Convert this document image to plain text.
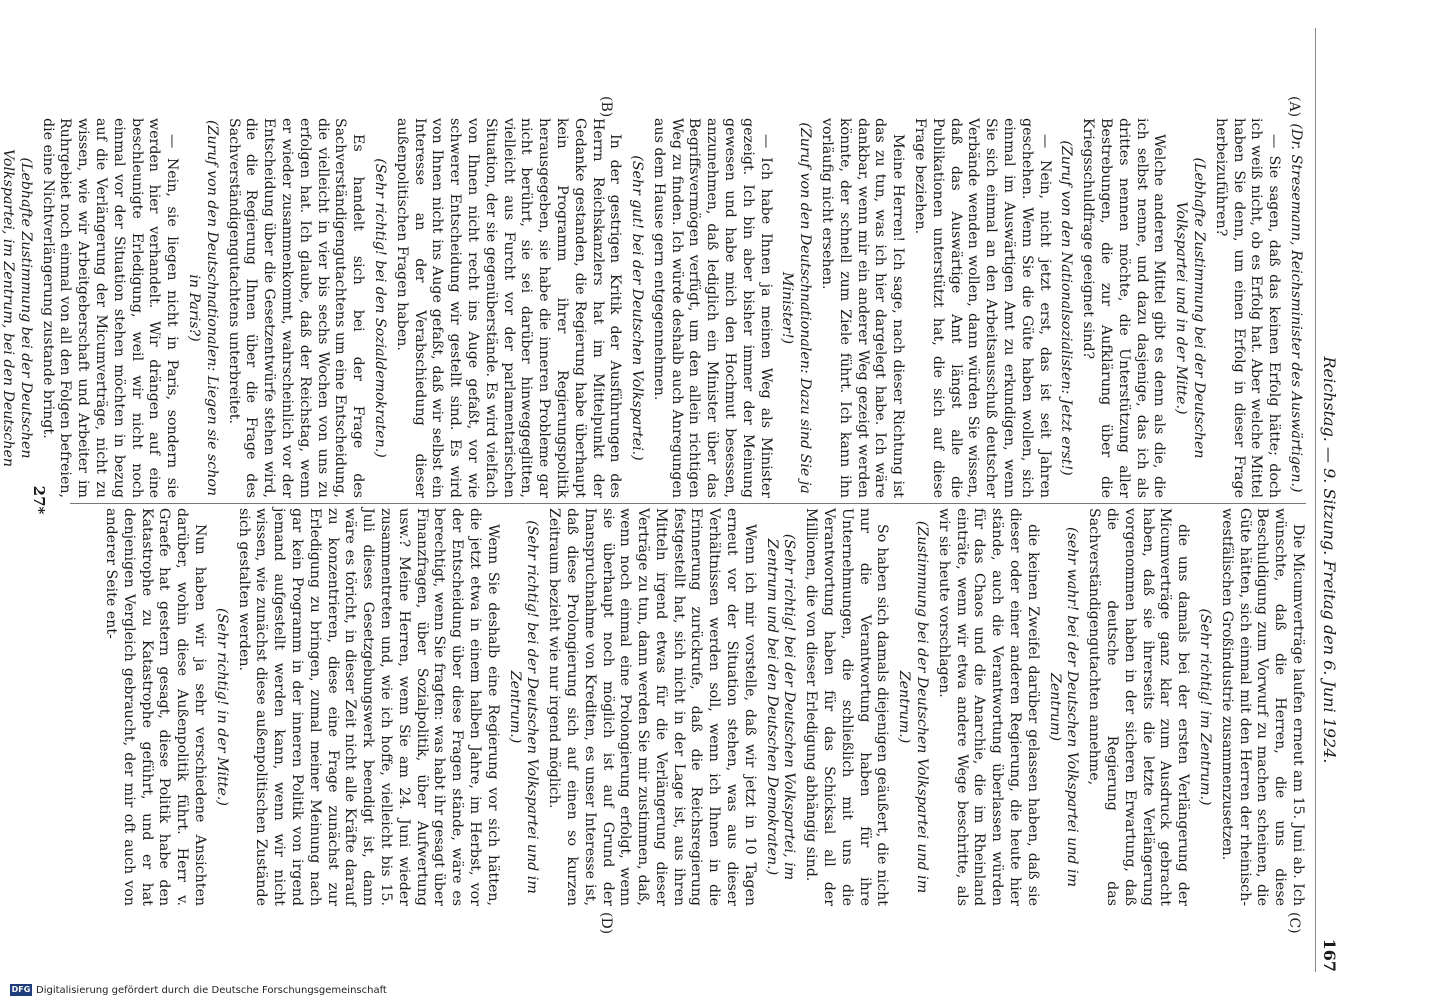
Reichstag. — 9. Sitzung. Freitag den 6. Juni 1924.
167
(A)
(B)
(C)
(D)

(Dr. Stresemann, Reichsminister des Auswärtigen.)

— Sie sagen, daß das keinen Erfolg hätte; doch ich weiß nicht, ob es Erfolg hat. Aber welche Mittel haben Sie denn, um einen Erfolg in dieser Frage herbeizuführen?

(Lebhafte Zustimmung bei der Deutschen Volkspartei und in der Mitte.)

Welche anderen Mittel gibt es denn als die, die ich selbst nenne, und dazu dasjenige, das ich als drittes nennen möchte, die Unterstützung aller Bestrebungen, die zur Aufklärung über die Kriegsschuldfrage geeignet sind?

(Zuruf von den Nationalsozialisten: Jetzt erst!)

— Nein, nicht jetzt erst, das ist seit Jahren geschehen. Wenn Sie die Güte haben wollen, sich einmal im Auswärtigen Amt zu erkundigen, wenn Sie sich einmal an den Arbeitsausschuß deutscher Verbände wenden wollen, dann würden Sie wissen, daß das Auswärtige Amt längst alle die Publikationen unterstützt hat, die sich auf diese Frage beziehen.

Meine Herren! Ich sage, nach dieser Richtung ist das zu tun, was ich hier dargelegt habe. Ich wäre dankbar, wenn mir ein anderer Weg gezeigt werden könnte, der schnell zum Ziele führt. Ich kann ihn vorläufig nicht ersehen.

(Zuruf von den Deutschnationalen: Dazu sind Sie ja Minister!)

— Ich habe Ihnen ja meinen Weg als Minister gezeigt. Ich bin aber bisher immer der Meinung gewesen und habe mich den Hochmut besessen, anzunehmen, daß lediglich ein Minister über das Begriffsvermögen verfügt, um den allein richtigen Weg zu finden. Ich würde deshalb auch Anregungen aus dem Hause gern entgegennehmen.

(Sehr gut! bei der Deutschen Volkspartei.)

In der gestrigen Kritik der Ausführungen des Herrn Reichskanzlers hat im Mittelpunkt der Gedanke gestanden, die Regierung habe überhaupt kein Programm ihrer Regierungspolitik herausgegeben, sie habe die inneren Probleme gar nicht berührt, sie sei darüber hinweggeglitten, vielleicht aus Furcht vor der parlamentarischen Situation, der sie gegenüberstände. Es wird vielfach von Ihnen nicht recht ins Auge gefaßt, vor wie schwerer Entscheidung wir gestellt sind. Es wird von Ihnen nicht ins Auge gefaßt, daß wir selbst ein Interesse an der Verabschiedung dieser außenpolitischen Fragen haben.

(Sehr richtig! bei den Sozialdemokraten.)

Es handelt sich bei der Frage des Sachverständigengutachtens um eine Entscheidung, die vielleicht in vier bis sechs Wochen von uns zu erfolgen hat. Ich glaube, daß der Reichstag, wenn er wieder zusammenkommt, wahrscheinlich vor der Entscheidung über die Gesetzentwürfe stehen wird, die die Regierung Ihnen über die Frage des Sachverständigengutachtens unterbreitet.

(Zuruf von den Deutschnationalen: Liegen sie schon in Paris?)

— Nein, sie liegen nicht in Paris, sondern sie werden hier verhandelt. Wir drängen auf eine beschleunigte Erledigung, weil wir nicht noch einmal vor der Situation stehen möchten in bezug auf die Verlängerung der Micumverträge, nicht zu wissen, wie wir Arbeitgeberschaft und Arbeiter im Ruhrgebiet noch einmal von all den Folgen befreien, die eine Nichtverlängerung zustande bringt.

(Lebhafte Zustimmung bei der Deutschen Volkspartei, im Zentrum, bei den Deutschen

Die Micumverträge laufen erneut am 15. Juni ab. Ich wünschte, daß die Herren, die uns diese Beschuldigung zum Vorwurf zu machen scheinen, die Güte hätten, sich einmal mit den Herren der rheinisch-westfälischen Großindustrie zusammenzusetzen.

(Sehr richtig! im Zentrum.)

die uns damals bei der ersten Verlängerung der Micumverträge ganz klar zum Ausdruck gebracht haben, daß sie ihrerseits die letzte Verlängerung vorgenommen haben in der sicheren Erwartung, daß die deutsche Regierung das Sachverständigengutachten annehme,

(sehr wahr! bei der Deutschen Volkspartei und im Zentrum)

die keinen Zweifel darüber gelassen haben, daß sie dieser oder einer anderen Regierung, die heute hier stände, auch die Verantwortung überlassen würden für das Chaos und die Anarchie, die im Rheinland einträte, wenn wir etwa andere Wege beschritte, als wir sie heute vorschlagen.

(Zustimmung bei der Deutschen Volkspartei und im Zentrum.)

So haben sich damals diejenigen geäußert, die nicht nur die Verantwortung haben für ihre Unternehmungen, die schließlich mit uns die Verantwortung haben für das Schicksal all der Millionen, die von dieser Erledigung abhängig sind.

(Sehr richtig! bei der Deutschen Volkspartei, im Zentrum und bei den Deutschen Demokraten.)

Wenn ich mir vorstelle, daß wir jetzt in 10 Tagen erneut vor der Situation stehen, was aus dieser Verhältnissen werden soll, wenn ich Ihnen in die Erinnerung zurückrufe, daß die Reichsregierung festgestellt hat, sich nicht in der Lage ist, aus ihren Mitteln irgend etwas für die Verlängerung dieser Verträge zu tun, dann werden Sie mir zustimmen, daß, wenn noch einmal eine Prolongierung erfolgt, wenn sie überhaupt noch möglich ist auf Grund der Inanspruchnahme von Krediten, es unser Interesse ist, daß diese Prolongierung sich auf einen so kurzen Zeitraum bezieht wie nur irgend möglich.

(Sehr richtig! bei der Deutschen Volkspartei und im Zentrum.)

Wenn Sie deshalb eine Regierung vor sich hätten, die jetzt etwa in einem halben Jahre, im Herbst, vor der Entscheidung über diese Fragen stände, wäre es berechtigt, wenn Sie fragten: was habt ihr gesagt über Finanzfragen, über Sozialpolitik, über Aufwertung usw.? Meine Herren, wenn Sie am 24. Juni wieder zusammentreten und, wie ich hoffe, vielleicht bis 15. Juli dieses Gesetzgebungswerk beendigt ist, dann wäre es töricht, in dieser Zeit nicht alle Kräfte darauf zu konzentrieren, diese eine Frage zunächst zur Erledigung zu bringen, zumal meiner Meinung nach gar kein Programm in der inneren Politik von irgend jemand aufgestellt werden kann, wenn wir nicht wissen, wie zunächst diese außenpolitischen Zustände sich gestalten werden.

(Sehr richtig! in der Mitte.)

Nun haben wir ja sehr verschiedene Ansichten darüber, wohin diese Außenpolitik führt. Herr v. Graefe hat gestern gesagt, diese Politik habe den Katastrophe zu Katastrophe geführt, und er hat denjenigen Vergleich gebraucht, der mir oft auch von anderer Seite ent-

27*
DFG Digitalisierung gefördert durch die Deutsche Forschungsgemeinschaft
